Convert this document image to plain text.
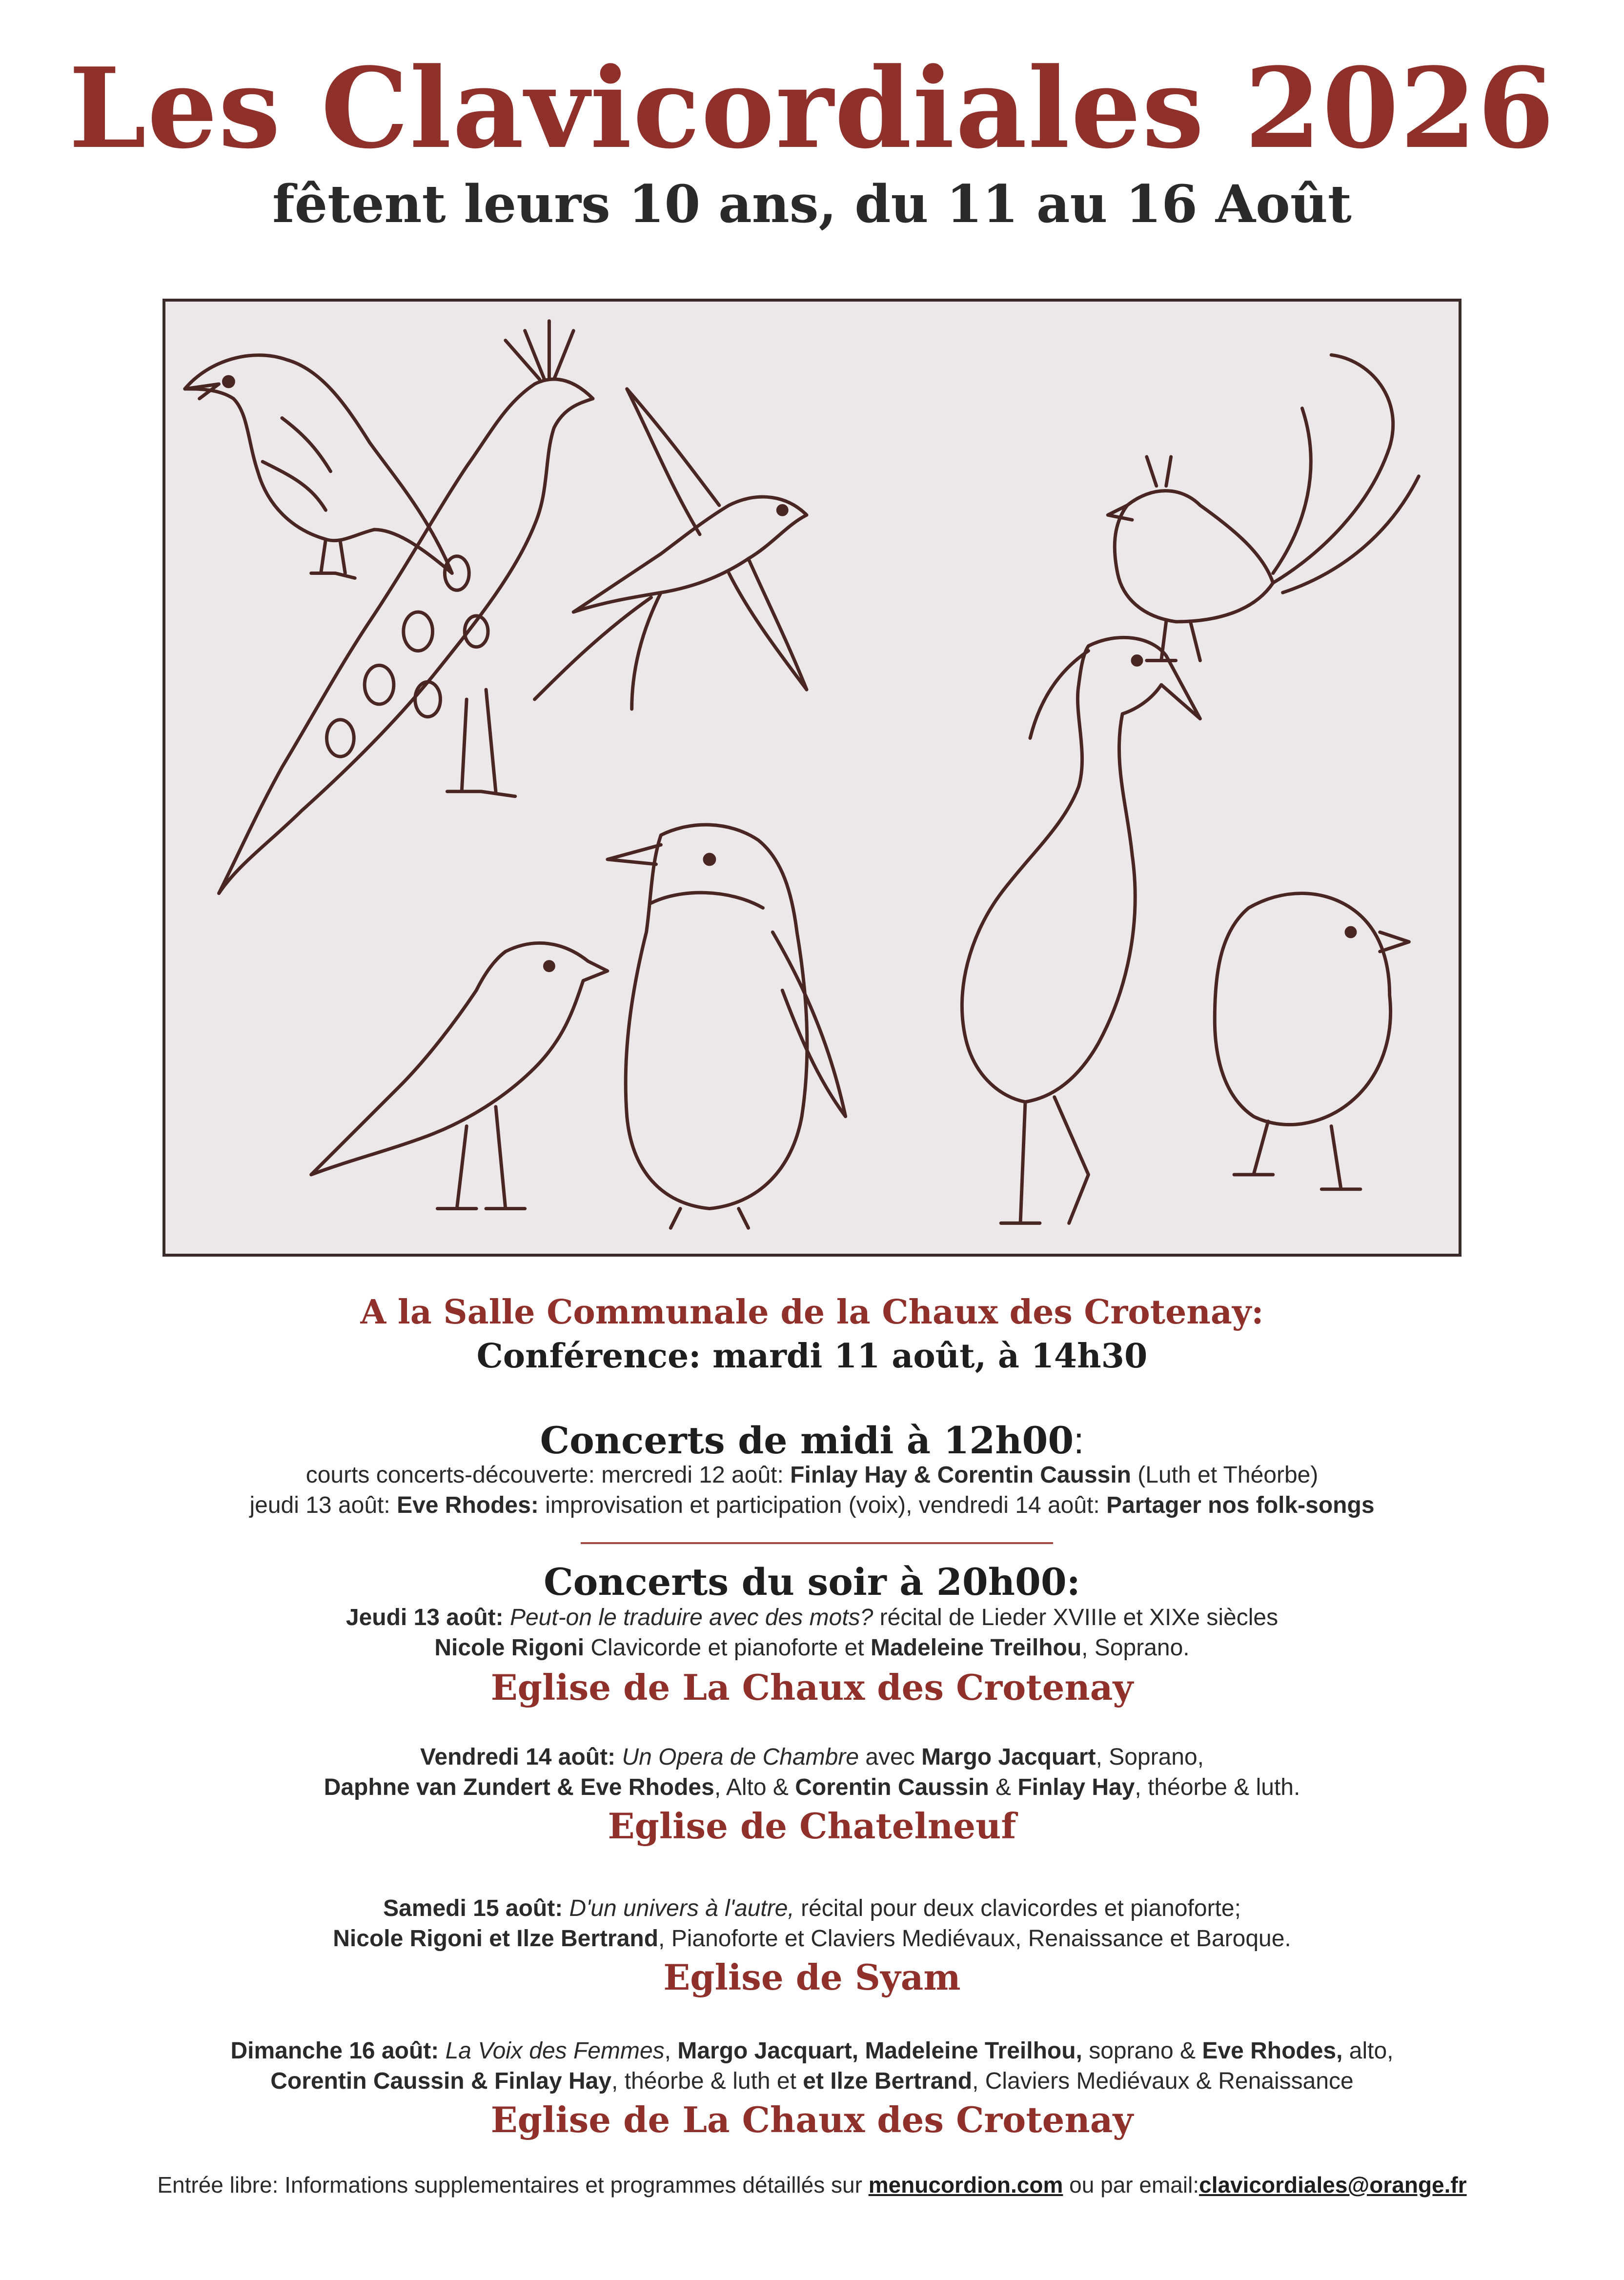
Les Clavicordiales 2026
fêtent leurs 10 ans, du 11 au 16 Août
A la Salle Communale de la Chaux des Crotenay:
Conférence: mardi 11 août, à 14h30
Concerts de midi à 12h00:
courts concerts-découverte: mercredi 12 août: Finlay Hay & Corentin Caussin (Luth et Théorbe)
jeudi 13 août: Eve Rhodes: improvisation et participation (voix), vendredi 14 août: Partager nos folk-songs
Concerts du soir à 20h00:
Jeudi 13 août: Peut-on le traduire avec des mots? récital de Lieder XVIIIe et XIXe siècles
Nicole Rigoni Clavicorde et pianoforte et Madeleine Treilhou, Soprano.
Eglise de La Chaux des Crotenay
Vendredi 14 août: Un Opera de Chambre avec Margo Jacquart, Soprano,
Daphne van Zundert & Eve Rhodes, Alto & Corentin Caussin & Finlay Hay, théorbe & luth.
Eglise de Chatelneuf
Samedi 15 août: D'un univers à l'autre, récital pour deux clavicordes et pianoforte;
Nicole Rigoni et Ilze Bertrand, Pianoforte et Claviers Mediévaux, Renaissance et Baroque.
Eglise de Syam
Dimanche 16 août: La Voix des Femmes, Margo Jacquart, Madeleine Treilhou, soprano & Eve Rhodes, alto,
Corentin Caussin & Finlay Hay, théorbe & luth et et Ilze Bertrand, Claviers Mediévaux & Renaissance
Eglise de La Chaux des Crotenay
Entrée libre: Informations supplementaires et programmes détaillés sur menucordion.com ou par email:clavicordiales@orange.fr
